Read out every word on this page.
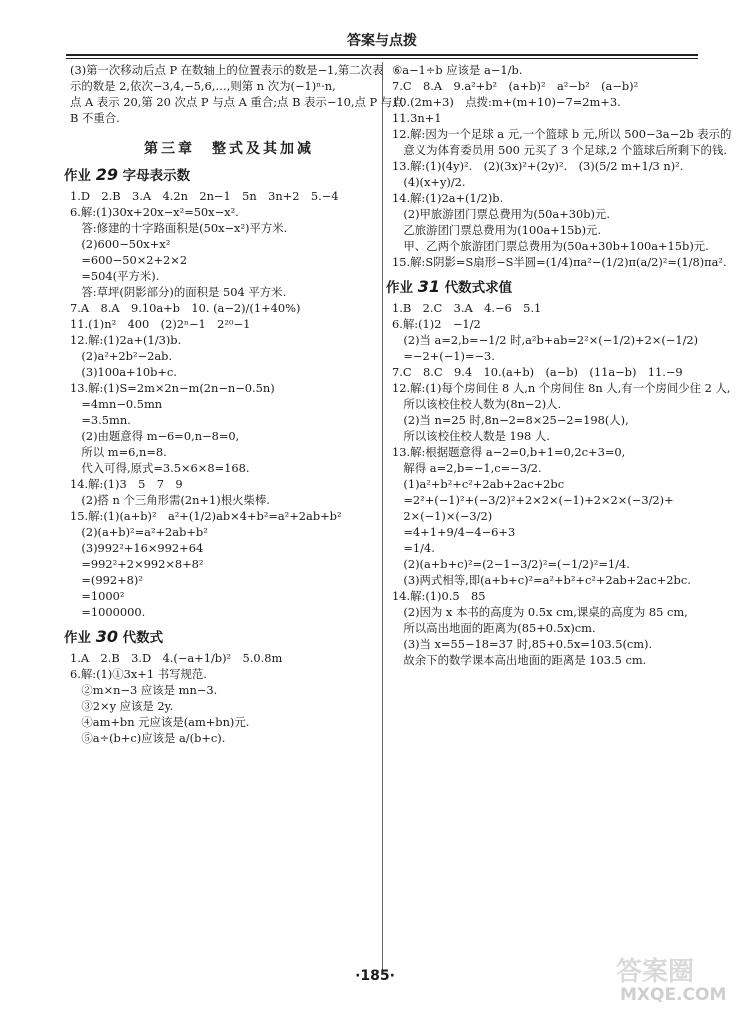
答案与点拨
(3)第一次移动后点 P 在数轴上的位置表示的数是−1,第二次表
示的数是 2,依次−3,4,−5,6,…,则第 n 次为(−1)ⁿ·n,
点 A 表示 20,第 20 次点 P 与点 A 重合;点 B 表示−10,点 P 与点
B 不重合.
第三章　整式及其加减
作业 29 字母表示数
1.D　2.B　3.A　4.2n　2n−1　5n　3n+2　5.−4
6.解:(1)30x+20x−x²=50x−x².
　答:修建的十字路面积是(50x−x²)平方米.
　(2)600−50x+x²
　=600−50×2+2×2
　=504(平方米).
　答:草坪(阴影部分)的面积是 504 平方米.
7.A　8.A　9.10a+b　10. (a−2)/(1+40%)
11.(1)n²　400　(2)2ⁿ−1　2²⁰−1
12.解:(1)2a+(1/3)b.
　(2)a²+2b²−2ab.
　(3)100a+10b+c.
13.解:(1)S=2m×2n−m(2n−n−0.5n)
　=4mn−0.5mn
　=3.5mn.
　(2)由题意得 m−6=0,n−8=0,
　所以 m=6,n=8.
　代入可得,原式=3.5×6×8=168.
14.解:(1)3　5　7　9
　(2)搭 n 个三角形需(2n+1)根火柴棒.
15.解:(1)(a+b)²　a²+(1/2)ab×4+b²=a²+2ab+b²
　(2)(a+b)²=a²+2ab+b²
　(3)992²+16×992+64
　=992²+2×992×8+8²
　=(992+8)²
　=1000²
　=1000000.
作业 30 代数式
1.A　2.B　3.D　4.(−a+1/b)²　5.0.8m
6.解:(1)①3x+1 书写规范.
　②m×n−3 应该是 mn−3.
　③2×y 应该是 2y.
　④am+bn 元应该是(am+bn)元.
　⑤a÷(b+c)应该是 a/(b+c).
⑥a−1÷b 应该是 a−1/b.
7.C　8.A　9.a²+b²　(a+b)²　a²−b²　(a−b)²
10.(2m+3)　点拨:m+(m+10)−7=2m+3.
11.3n+1
12.解:因为一个足球 a 元,一个篮球 b 元,所以 500−3a−2b 表示的
　意义为体育委员用 500 元买了 3 个足球,2 个篮球后所剩下的钱.
13.解:(1)(4y)².　(2)(3x)²+(2y)².　(3)(5/2 m+1/3 n)².
　(4)(x+y)/2.
14.解:(1)2a+(1/2)b.
　(2)甲旅游团门票总费用为(50a+30b)元.
　乙旅游团门票总费用为(100a+15b)元.
　甲、乙两个旅游团门票总费用为(50a+30b+100a+15b)元.
15.解:S阴影=S扇形−S半圆=(1/4)πa²−(1/2)π(a/2)²=(1/8)πa².
作业 31 代数式求值
1.B　2.C　3.A　4.−6　5.1
6.解:(1)2　−1/2
　(2)当 a=2,b=−1/2 时,a²b+ab=2²×(−1/2)+2×(−1/2)
　=−2+(−1)=−3.
7.C　8.C　9.4　10.(a+b)　(a−b)　(11a−b)　11.−9
12.解:(1)每个房间住 8 人,n 个房间住 8n 人,有一个房间少住 2 人,
　所以该校住校人数为(8n−2)人.
　(2)当 n=25 时,8n−2=8×25−2=198(人),
　所以该校住校人数是 198 人.
13.解:根据题意得 a−2=0,b+1=0,2c+3=0,
　解得 a=2,b=−1,c=−3/2.
　(1)a²+b²+c²+2ab+2ac+2bc
　=2²+(−1)²+(−3/2)²+2×2×(−1)+2×2×(−3/2)+
　2×(−1)×(−3/2)
　=4+1+9/4−4−6+3
　=1/4.
　(2)(a+b+c)²=(2−1−3/2)²=(−1/2)²=1/4.
　(3)两式相等,即(a+b+c)²=a²+b²+c²+2ab+2ac+2bc.
14.解:(1)0.5　85
　(2)因为 x 本书的高度为 0.5x cm,课桌的高度为 85 cm,
　所以高出地面的距离为(85+0.5x)cm.
　(3)当 x=55−18=37 时,85+0.5x=103.5(cm).
　故余下的数学课本高出地面的距离是 103.5 cm.
·185·	答案圈
MXQE.COM
